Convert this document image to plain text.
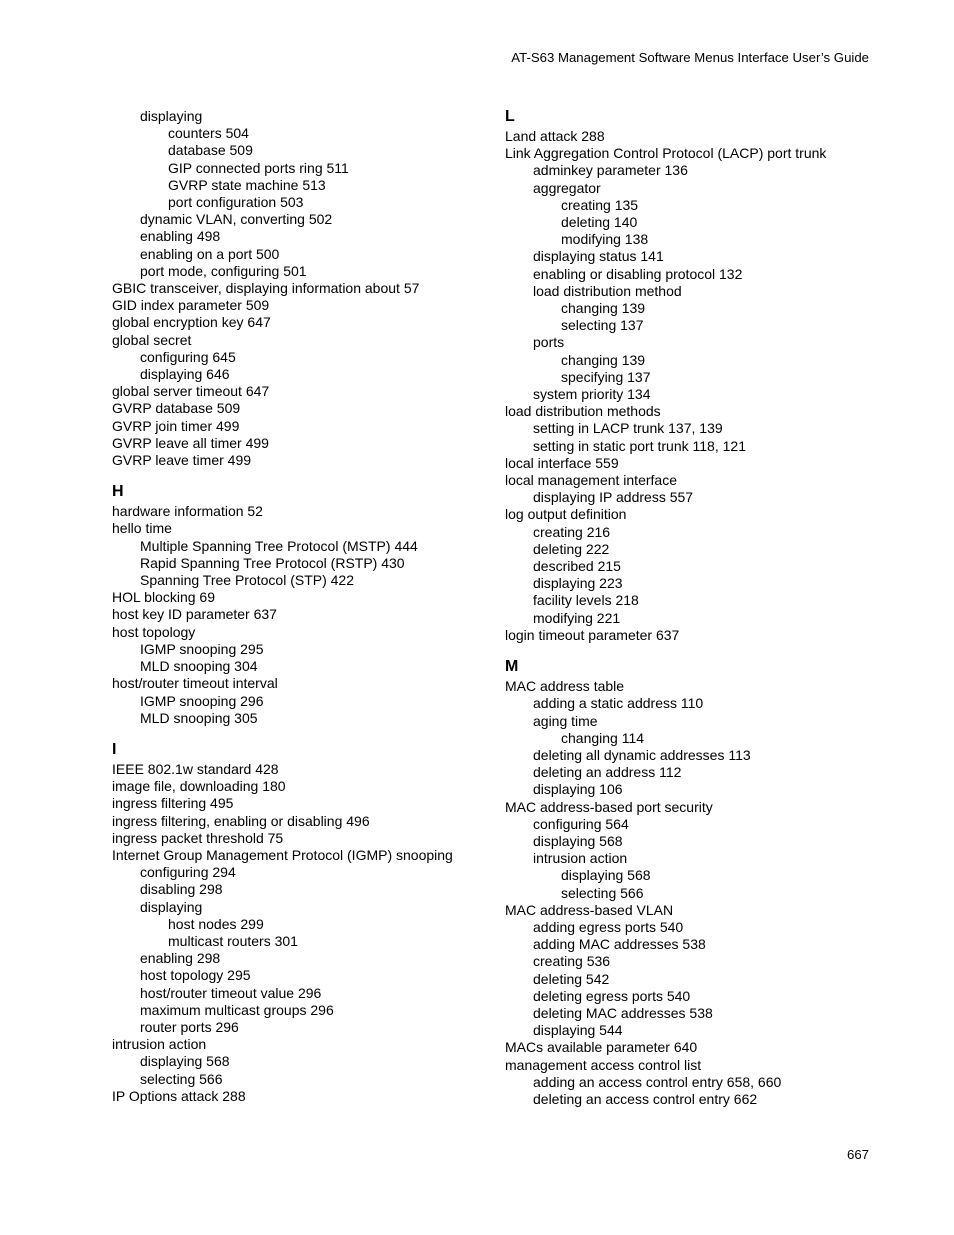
AT-S63 Management Software Menus Interface User’s Guide
displaying
counters 504
database 509
GIP connected ports ring 511
GVRP state machine 513
port configuration 503
dynamic VLAN, converting 502
enabling 498
enabling on a port 500
port mode, configuring 501
GBIC transceiver, displaying information about 57
GID index parameter 509
global encryption key 647
global secret
configuring 645
displaying 646
global server timeout 647
GVRP database 509
GVRP join timer 499
GVRP leave all timer 499
GVRP leave timer 499
H
hardware information 52
hello time
Multiple Spanning Tree Protocol (MSTP) 444
Rapid Spanning Tree Protocol (RSTP) 430
Spanning Tree Protocol (STP) 422
HOL blocking 69
host key ID parameter 637
host topology
IGMP snooping 295
MLD snooping 304
host/router timeout interval
IGMP snooping 296
MLD snooping 305
I
IEEE 802.1w standard 428
image file, downloading 180
ingress filtering 495
ingress filtering, enabling or disabling 496
ingress packet threshold 75
Internet Group Management Protocol (IGMP) snooping
configuring 294
disabling 298
displaying
host nodes 299
multicast routers 301
enabling 298
host topology 295
host/router timeout value 296
maximum multicast groups 296
router ports 296
intrusion action
displaying 568
selecting 566
IP Options attack 288
L
Land attack 288
Link Aggregation Control Protocol (LACP) port trunk
adminkey parameter 136
aggregator
creating 135
deleting 140
modifying 138
displaying status 141
enabling or disabling protocol 132
load distribution method
changing 139
selecting 137
ports
changing 139
specifying 137
system priority 134
load distribution methods
setting in LACP trunk 137, 139
setting in static port trunk 118, 121
local interface 559
local management interface
displaying IP address 557
log output definition
creating 216
deleting 222
described 215
displaying 223
facility levels 218
modifying 221
login timeout parameter 637
M
MAC address table
adding a static address 110
aging time
changing 114
deleting all dynamic addresses 113
deleting an address 112
displaying 106
MAC address-based port security
configuring 564
displaying 568
intrusion action
displaying 568
selecting 566
MAC address-based VLAN
adding egress ports 540
adding MAC addresses 538
creating 536
deleting 542
deleting egress ports 540
deleting MAC addresses 538
displaying 544
MACs available parameter 640
management access control list
adding an access control entry 658, 660
deleting an access control entry 662
667
